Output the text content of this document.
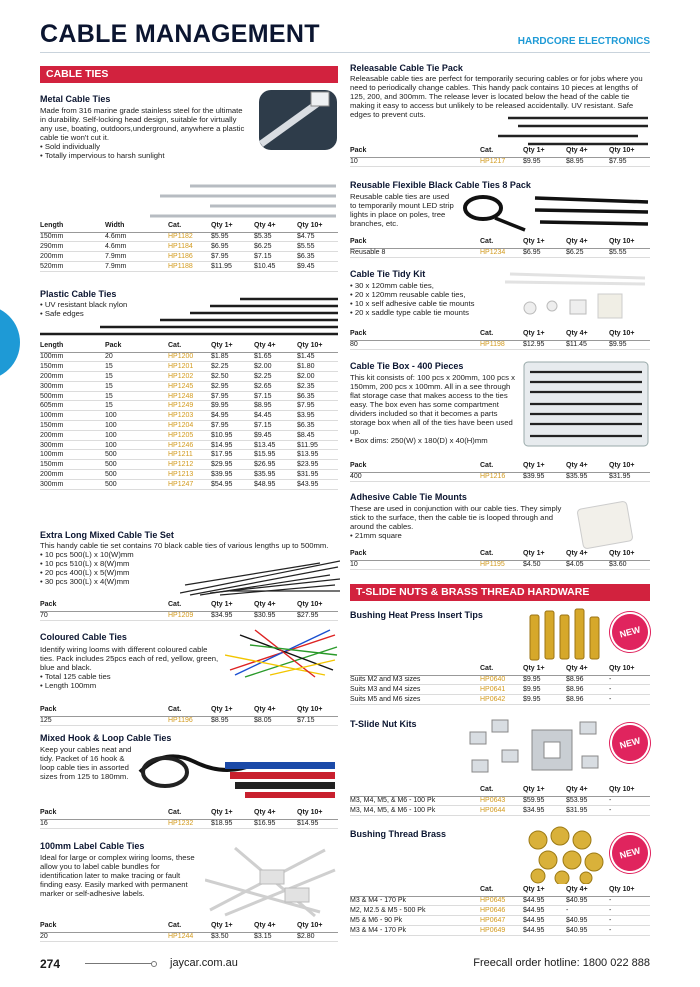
CABLE MANAGEMENT	HARDCORE ELECTRONICS
CABLE TIES
Metal Cable Ties

Made from 316 marine grade stainless steel for the ultimate in durability. Self-locking head design, suitable for virtually any use, boating, outdoors,underground, anywhere a plastic cable tie won't cut it.

• Sold individually
• Totally impervious to harsh sunlight
Length	Width	Cat.	Qty 1+	Qty 4+	Qty 10+
150mm	4.6mm	HP1182	$5.95	$5.35	$4.75
290mm	4.6mm	HP1184	$6.95	$6.25	$5.55
200mm	7.9mm	HP1186	$7.95	$7.15	$6.35
520mm	7.9mm	HP1188	$11.95	$10.45	$9.45
Plastic Cable Ties
• UV resistant black nylon
• Safe edges
Length	Pack	Cat.	Qty 1+	Qty 4+	Qty 10+
100mm	20	HP1200	$1.85	$1.65	$1.45
150mm	15	HP1201	$2.25	$2.00	$1.80
200mm	15	HP1202	$2.50	$2.25	$2.00
300mm	15	HP1245	$2.95	$2.65	$2.35
500mm	15	HP1248	$7.95	$7.15	$6.35
605mm	15	HP1249	$9.95	$8.95	$7.95
100mm	100	HP1203	$4.95	$4.45	$3.95
150mm	100	HP1204	$7.95	$7.15	$6.35
200mm	100	HP1205	$10.95	$9.45	$8.45
300mm	100	HP1246	$14.95	$13.45	$11.95
100mm	500	HP1211	$17.95	$15.95	$13.95
150mm	500	HP1212	$29.95	$26.95	$23.95
200mm	500	HP1213	$39.95	$35.95	$31.95
300mm	500	HP1247	$54.95	$48.95	$43.95
Extra Long Mixed Cable Tie Set

This handy cable tie set contains 70 black cable ties of various lengths up to 500mm.

• 10 pcs 500(L) x 10(W)mm
• 10 pcs 510(L) x 8(W)mm
• 20 pcs 400(L) x 5(W)mm
• 30 pcs 300(L) x 4(W)mm
Pack	Cat.	Qty 1+	Qty 4+	Qty 10+
70	HP1209	$34.95	$30.95	$27.95
Coloured Cable Ties

Identify wiring looms with different coloured cable ties. Pack includes 25pcs each of red, yellow, green, blue and black.

• Total 125 cable ties
• Length 100mm
Pack	Cat.	Qty 1+	Qty 4+	Qty 10+
125	HP1196	$8.95	$8.05	$7.15
Mixed Hook & Loop Cable Ties

Keep your cables neat and tidy. Packet of 16 hook & loop cable ties in assorted sizes from 125 to 180mm.

Pack	Cat.	Qty 1+	Qty 4+	Qty 10+
16	HP1232	$18.95	$16.95	$14.95
100mm Label Cable Ties

Ideal for large or complex wiring looms, these allow you to label cable bundles for identification later to make tracing or fault finding easy. Easily marked with permanent marker or self-adhesive labels.

Pack	Cat.	Qty 1+	Qty 4+	Qty 10+
20	HP1244	$3.50	$3.15	$2.80
Releasable Cable Tie Pack

Releasable cable ties are perfect for temporarily securing cables or for jobs where you need to periodically change cables. This handy pack contains 10 pieces at lengths of 125, 200, and 300mm. The release lever is located below the head of the cable tie making it easy to access but unlikely to be released accidentally. UV resistant. Safe edges to prevent cuts.

Pack	Cat.	Qty 1+	Qty 4+	Qty 10+
10	HP1217	$9.95	$8.95	$7.95
Reusable Flexible Black Cable Ties 8 Pack

Reusable cable ties are used to temporarily mount LED strip lights in place on poles, tree branches, etc.

Pack	Cat.	Qty 1+	Qty 4+	Qty 10+
Reusable 8	HP1234	$6.95	$6.25	$5.55
Cable Tie Tidy Kit
• 30 x 120mm cable ties,
• 20 x 120mm reusable cable ties,
• 10 x self adhesive cable tie mounts
• 20 x saddle type cable tie mounts
Pack	Cat.	Qty 1+	Qty 4+	Qty 10+
80	HP1198	$12.95	$11.45	$9.95
Cable Tie Box - 400 Pieces

This kit consists of: 100 pcs x 200mm, 100 pcs x 150mm, 200 pcs x 100mm. All in a see through flat storage case that makes access to the ties easy. The box even has some compartment dividers included so that it becomes a parts storage box when all of the ties have been used up.

• Box dims: 250(W) x 180(D) x 40(H)mm
Pack	Cat.	Qty 1+	Qty 4+	Qty 10+
400	HP1216	$39.95	$35.95	$31.95
Adhesive Cable Tie Mounts

These are used in conjunction with our cable ties. They simply stick to the surface, then the cable tie is looped through and around the cables.

• 21mm square
Pack	Cat.	Qty 1+	Qty 4+	Qty 10+
10	HP1195	$4.50	$4.05	$3.60
T-SLIDE NUTS & BRASS THREAD HARDWARE
Bushing Heat Press Insert Tips
NEW
	Cat.	Qty 1+	Qty 4+	Qty 10+
Suits M2 and M3 sizes	HP0640	$9.95	$8.96	-
Suits M3 and M4 sizes	HP0641	$9.95	$8.96	-
Suits M5 and M6 sizes	HP0642	$9.95	$8.96	-
T-Slide Nut Kits
NEW
	Cat.	Qty 1+	Qty 4+	Qty 10+
M3, M4, M5, & M6 - 100 Pk	HP0643	$59.95	$53.95	-
M3, M4, M5, & M6 - 100 Pk	HP0644	$34.95	$31.95	-
Bushing Thread Brass
NEW
	Cat.	Qty 1+	Qty 4+	Qty 10+
M3 & M4 - 170 Pk	HP0645	$44.95	$40.95	-
M2, M2.5 & M5 - 500 Pk	HP0646	$44.95	-	-
M5 & M6 - 90 Pk	HP0647	$44.95	$40.95	-
M3 & M4 - 170 Pk	HP0649	$44.95	$40.95	-
274	jaycar.com.au	Freecall order hotline: 1800 022 888
